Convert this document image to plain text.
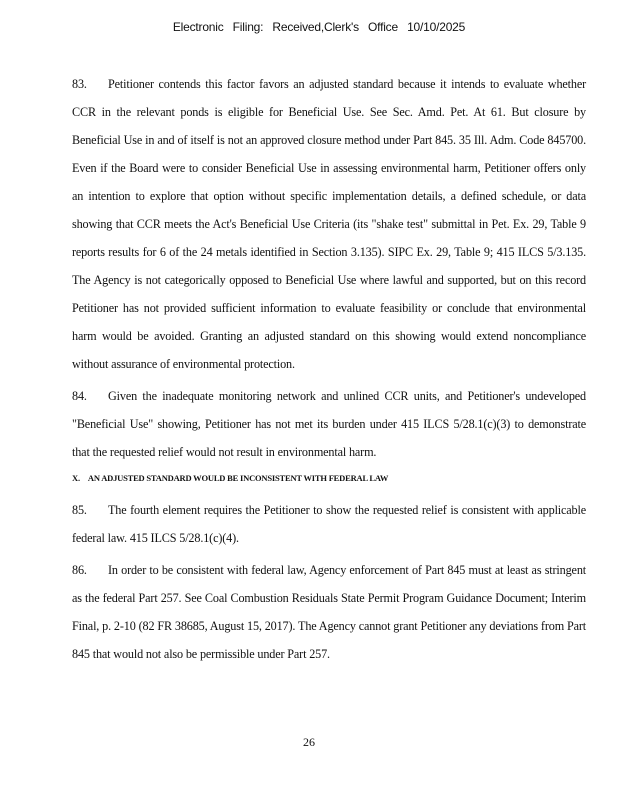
Electronic Filing: Received,Clerk's Office 10/10/2025

83. Petitioner contends this factor favors an adjusted standard because it intends to evaluate whether CCR in the relevant ponds is eligible for Beneficial Use. See Sec. Amd. Pet. At 61. But closure by Beneficial Use in and of itself is not an approved closure method under Part 845. 35 Ill. Adm. Code 845700. Even if the Board were to consider Beneficial Use in assessing environmental harm, Petitioner offers only an intention to explore that option without specific implementation details, a defined schedule, or data showing that CCR meets the Act's Beneficial Use Criteria (its "shake test" submittal in Pet. Ex. 29, Table 9 reports results for 6 of the 24 metals identified in Section 3.135). SIPC Ex. 29, Table 9; 415 ILCS 5/3.135. The Agency is not categorically opposed to Beneficial Use where lawful and supported, but on this record Petitioner has not provided sufficient information to evaluate feasibility or conclude that environmental harm would be avoided. Granting an adjusted standard on this showing would extend noncompliance without assurance of environmental protection.

84. Given the inadequate monitoring network and unlined CCR units, and Petitioner's undeveloped "Beneficial Use" showing, Petitioner has not met its burden under 415 ILCS 5/28.1(c)(3) to demonstrate that the requested relief would not result in environmental harm.

X. AN ADJUSTED STANDARD WOULD BE INCONSISTENT WITH FEDERAL LAW

85. The fourth element requires the Petitioner to show the requested relief is consistent with applicable federal law. 415 ILCS 5/28.1(c)(4).

86. In order to be consistent with federal law, Agency enforcement of Part 845 must at least as stringent as the federal Part 257. See Coal Combustion Residuals State Permit Program Guidance Document; Interim Final, p. 2-10 (82 FR 38685, August 15, 2017). The Agency cannot grant Petitioner any deviations from Part 845 that would not also be permissible under Part 257.

26
